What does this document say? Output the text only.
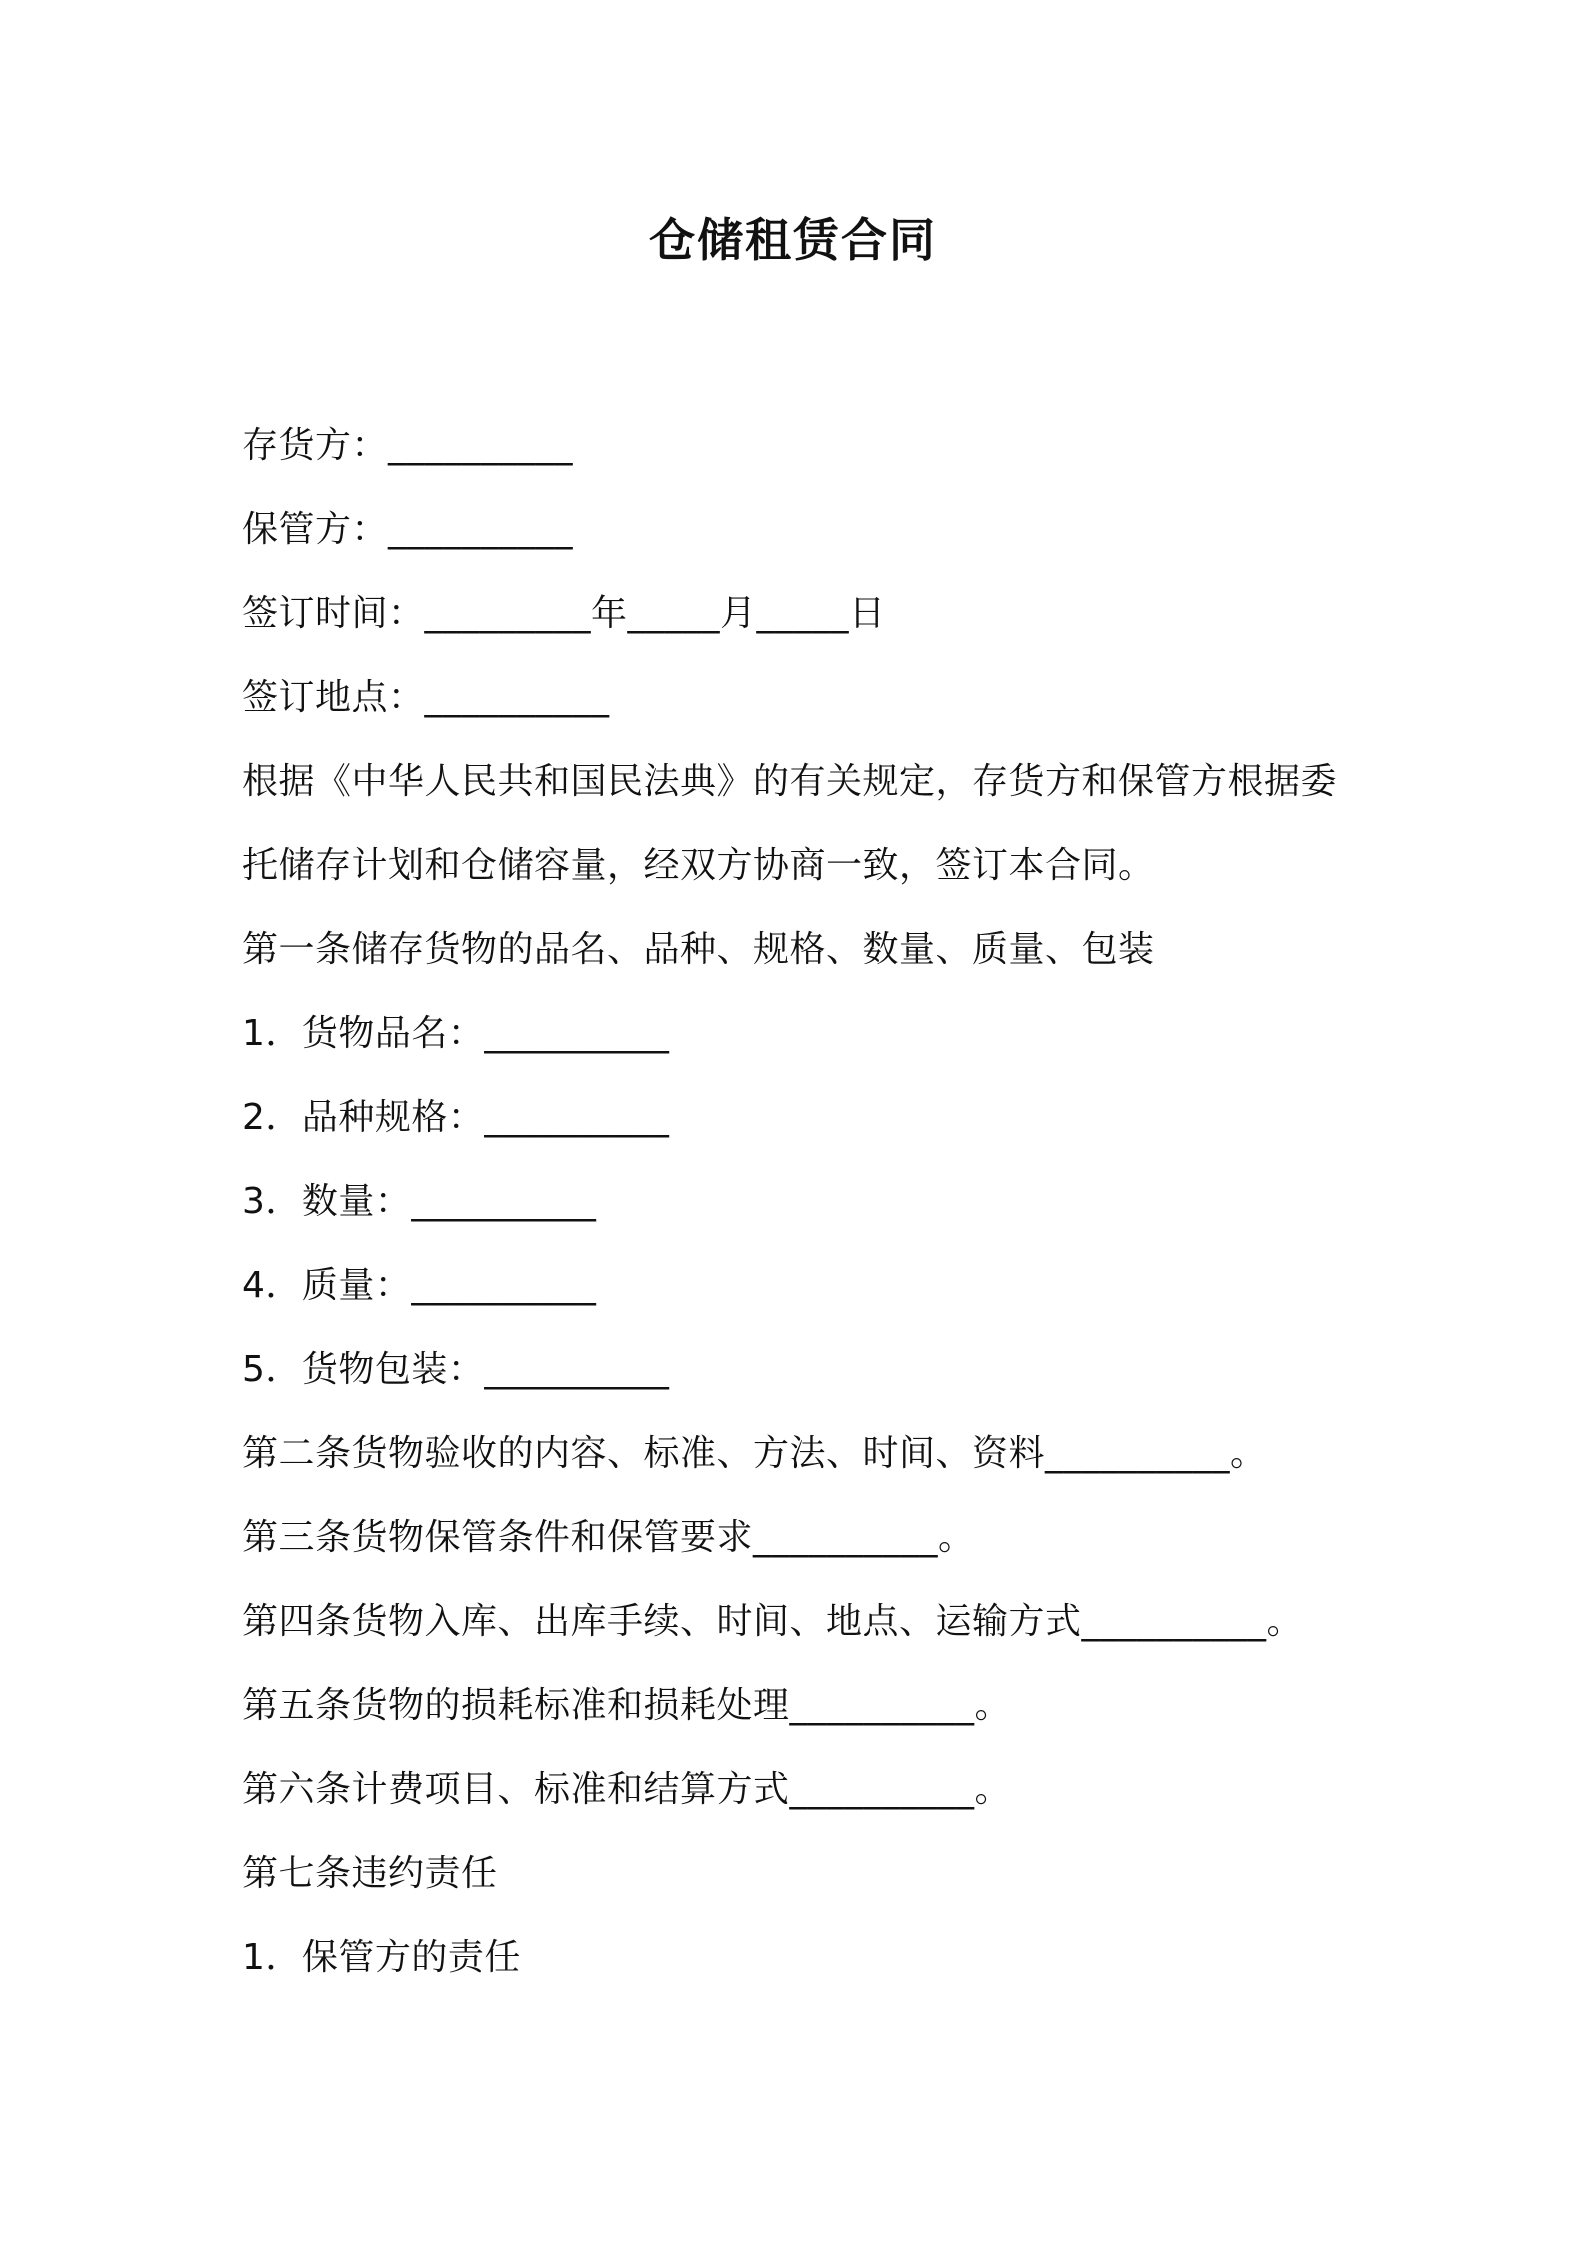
仓储租赁合同

存货方：__________

保管方：__________

签订时间：_________年_____月_____日

签订地点：__________

根据《中华人民共和国民法典》的有关规定，存货方和保管方根据委

托储存计划和仓储容量，经双方协商一致，签订本合同。

第一条储存货物的品名、品种、规格、数量、质量、包装

1．货物品名：__________

2．品种规格：__________

3．数量：__________

4．质量：__________

5．货物包装：__________

第二条货物验收的内容、标准、方法、时间、资料__________。

第三条货物保管条件和保管要求__________。

第四条货物入库、出库手续、时间、地点、运输方式__________。

第五条货物的损耗标准和损耗处理__________。

第六条计费项目、标准和结算方式__________。

第七条违约责任

1．保管方的责任
